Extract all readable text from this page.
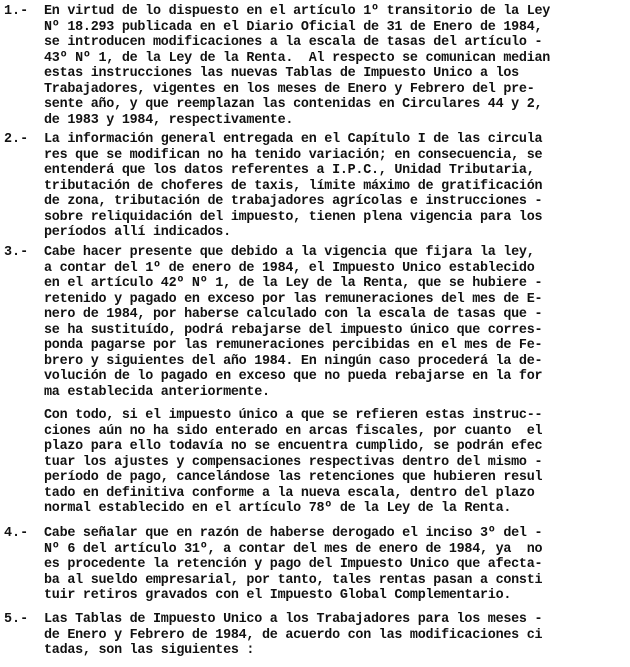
1.- En virtud de lo dispuesto en el artículo 1º transitorio de la Ley
Nº 18.293 publicada en el Diario Oficial de 31 de Enero de 1984,
se introducen modificaciones a la escala de tasas del artículo -
43º Nº 1, de la Ley de la Renta.  Al respecto se comunican median
estas instrucciones las nuevas Tablas de Impuesto Unico a los
Trabajadores, vigentes en los meses de Enero y Febrero del pre-
sente año, y que reemplazan las contenidas en Circulares 44 y 2,
de 1983 y 1984, respectivamente.
2.- La información general entregada en el Capítulo I de las circula
res que se modifican no ha tenido variación; en consecuencia, se
entenderá que los datos referentes a I.P.C., Unidad Tributaria,
tributación de choferes de taxis, límite máximo de gratificación
de zona, tributación de trabajadores agrícolas e instrucciones -
sobre reliquidación del impuesto, tienen plena vigencia para los
períodos allí indicados.
3.- Cabe hacer presente que debido a la vigencia que fijara la ley,
a contar del 1º de enero de 1984, el Impuesto Unico establecido
en el artículo 42º Nº 1, de la Ley de la Renta, que se hubiere -
retenido y pagado en exceso por las remuneraciones del mes de E-
nero de 1984, por haberse calculado con la escala de tasas que -
se ha sustituído, podrá rebajarse del impuesto único que corres-
ponda pagarse por las remuneraciones percibidas en el mes de Fe-
brero y siguientes del año 1984. En ningún caso procederá la de-
volución de lo pagado en exceso que no pueda rebajarse en la for
ma establecida anteriormente.
Con todo, si el impuesto único a que se refieren estas instruc--
ciones aún no ha sido enterado en arcas fiscales, por cuanto  el
plazo para ello todavía no se encuentra cumplido, se podrán efec
tuar los ajustes y compensaciones respectivas dentro del mismo -
período de pago, cancelándose las retenciones que hubieren resul
tado en definitiva conforme a la nueva escala, dentro del plazo
normal establecido en el artículo 78º de la Ley de la Renta.
4.- Cabe señalar que en razón de haberse derogado el inciso 3º del -
Nº 6 del artículo 31º, a contar del mes de enero de 1984, ya  no
es procedente la retención y pago del Impuesto Unico que afecta-
ba al sueldo empresarial, por tanto, tales rentas pasan a consti
tuir retiros gravados con el Impuesto Global Complementario.
5.- Las Tablas de Impuesto Unico a los Trabajadores para los meses -
de Enero y Febrero de 1984, de acuerdo con las modificaciones ci
tadas, son las siguientes :
